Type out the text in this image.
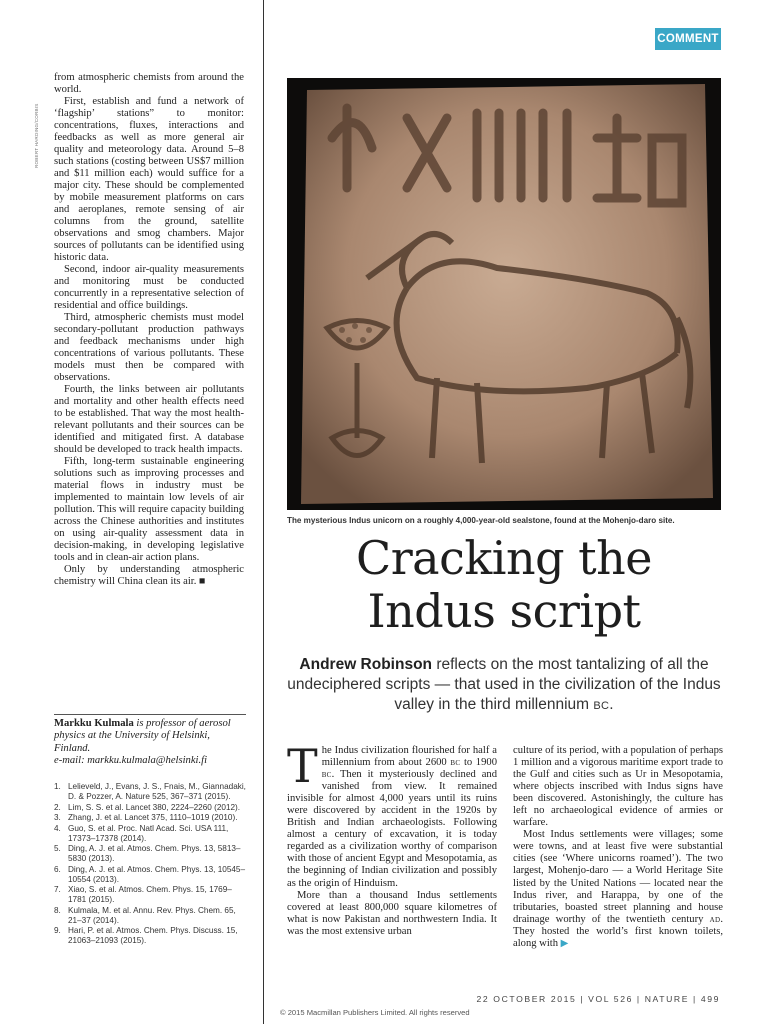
ROBERT HARDING/CORBIS

from atmospheric chemists from around the world.

First, establish and fund a network of ‘flagship’ stations” to monitor: concentrations, fluxes, interactions and feedbacks as well as more general air quality and meteorology data. Around 5–8 such stations (costing between US$7 million and $11 million each) would suffice for a major city. These should be complemented by mobile measurement platforms on cars and aeroplanes, remote sensing of air columns from the ground, satellite observations and smog chambers. Major sources of pollutants can be identified using historic data.

Second, indoor air-quality measurements and monitoring must be conducted concurrently in a representative selection of residential and office buildings.

Third, atmospheric chemists must model secondary-pollutant production pathways and feedback mechanisms under high concentrations of various pollutants. These models must then be compared with observations.

Fourth, the links between air pollutants and mortality and other health effects need to be established. That way the most health-relevant pollutants and their sources can be identified and mitigated first. A database should be developed to track health impacts.

Fifth, long-term sustainable engineering solutions such as improving processes and material flows in industry must be implemented to maintain low levels of air pollution. This will require capacity building across the Chinese authorities and institutes on using air-quality assessment data in decision-making, in developing legislative tools and in clean-air action plans.

Only by understanding atmospheric chemistry will China clean its air. ■

Markku Kulmala is professor of aerosol physics at the University of Helsinki, Finland.
e-mail: markku.kulmala@helsinki.fi
1. Lelieveld, J., Evans, J. S., Fnais, M., Giannadaki, D. & Pozzer, A. Nature 525, 367–371 (2015).
2. Lim, S. S. et al. Lancet 380, 2224–2260 (2012).
3. Zhang, J. et al. Lancet 375, 1110–1019 (2010).
4. Guo, S. et al. Proc. Natl Acad. Sci. USA 111, 17373–17378 (2014).
5. Ding, A. J. et al. Atmos. Chem. Phys. 13, 5813–5830 (2013).
6. Ding, A. J. et al. Atmos. Chem. Phys. 13, 10545–10554 (2013).
7. Xiao, S. et al. Atmos. Chem. Phys. 15, 1769–1781 (2015).
8. Kulmala, M. et al. Annu. Rev. Phys. Chem. 65, 21–37 (2014).
9. Hari, P. et al. Atmos. Chem. Phys. Discuss. 15, 21063–21093 (2015).
COMMENT
The mysterious Indus unicorn on a roughly 4,000-year-old sealstone, found at the Mohenjo-daro site.
Cracking the
Indus script
Andrew Robinson reflects on the most tantalizing of all the undeciphered scripts — that used in the civilization of the Indus valley in the third millennium bc.

The Indus civilization flourished for half a millennium from about 2600 bc to 1900 bc. Then it mysteriously declined and vanished from view. It remained invisible for almost 4,000 years until its ruins were discovered by accident in the 1920s by British and Indian archaeologists. Following almost a century of excavation, it is today regarded as a civilization worthy of comparison with those of ancient Egypt and Mesopotamia, as the beginning of Indian civilization and possibly as the origin of Hinduism.

More than a thousand Indus settlements covered at least 800,000 square kilometres of what is now Pakistan and northwestern India. It was the most extensive urban

culture of its period, with a population of perhaps 1 million and a vigorous maritime export trade to the Gulf and cities such as Ur in Mesopotamia, where objects inscribed with Indus signs have been discovered. Astonishingly, the culture has left no archaeological evidence of armies or warfare.

Most Indus settlements were villages; some were towns, and at least five were substantial cities (see ‘Where unicorns roamed’). The two largest, Mohenjo-daro — a World Heritage Site listed by the United Nations — located near the Indus river, and Harappa, by one of the tributaries, boasted street planning and house drainage worthy of the twentieth century ad. They hosted the world’s first known toilets, along with ▶

22 OCTOBER 2015 | VOL 526 | NATURE | 499
© 2015 Macmillan Publishers Limited. All rights reserved
